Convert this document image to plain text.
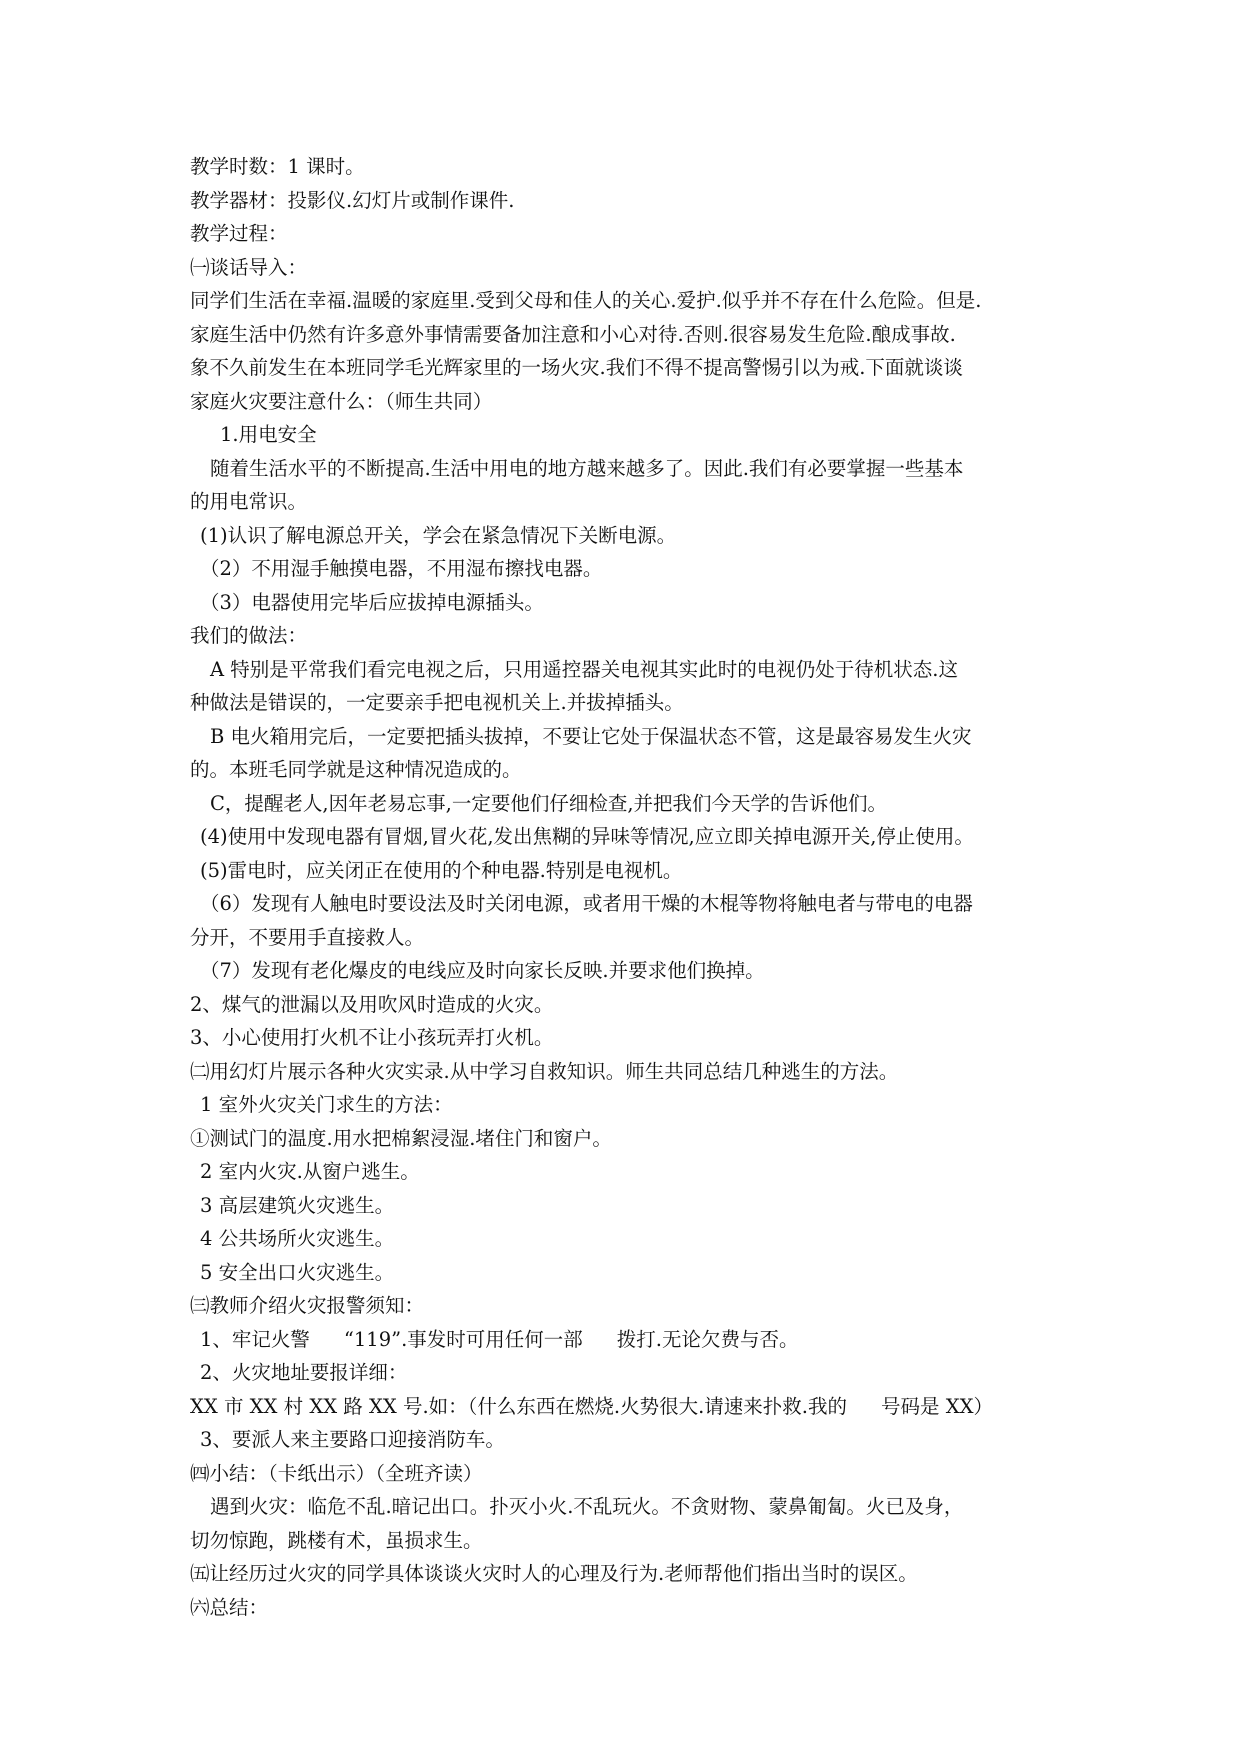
教学时数：1 课时。

教学器材：投影仪.幻灯片或制作课件.

教学过程：

㈠谈话导入：

同学们生活在幸福.温暖的家庭里.受到父母和佳人的关心.爱护.似乎并不存在什么危险。但是.

家庭生活中仍然有许多意外事情需要备加注意和小心对待.否则.很容易发生危险.酿成事故.

象不久前发生在本班同学毛光辉家里的一场火灾.我们不得不提高警惕引以为戒.下面就谈谈

家庭火灾要注意什么：（师生共同）

1.用电安全

随着生活水平的不断提高.生活中用电的地方越来越多了。因此.我们有必要掌握一些基本

的用电常识。

(1)认识了解电源总开关，学会在紧急情况下关断电源。

（2）不用湿手触摸电器，不用湿布擦找电器。

（3）电器使用完毕后应拔掉电源插头。

我们的做法：

A 特别是平常我们看完电视之后，只用遥控器关电视其实此时的电视仍处于待机状态.这

种做法是错误的，一定要亲手把电视机关上.并拔掉插头。

B 电火箱用完后，一定要把插头拔掉，不要让它处于保温状态不管，这是最容易发生火灾

的。本班毛同学就是这种情况造成的。

C，提醒老人,因年老易忘事,一定要他们仔细检查,并把我们今天学的告诉他们。

(4)使用中发现电器有冒烟,冒火花,发出焦糊的异味等情况,应立即关掉电源开关,停止使用。

(5)雷电时，应关闭正在使用的个种电器.特别是电视机。

（6）发现有人触电时要设法及时关闭电源，或者用干燥的木棍等物将触电者与带电的电器

分开，不要用手直接救人。

（7）发现有老化爆皮的电线应及时向家长反映.并要求他们换掉。

2、煤气的泄漏以及用吹风时造成的火灾。

3、小心使用打火机不让小孩玩弄打火机。

㈡用幻灯片展示各种火灾实录.从中学习自救知识。师生共同总结几种逃生的方法。

1 室外火灾关门求生的方法：

①测试门的温度.用水把棉絮浸湿.堵住门和窗户。

2 室内火灾.从窗户逃生。

3 高层建筑火灾逃生。

4 公共场所火灾逃生。

5 安全出口火灾逃生。

㈢教师介绍火灾报警须知：

1、牢记火警 “119”.事发时可用任何一部 拨打.无论欠费与否。

2、火灾地址要报详细：

XX 市 XX 村 XX 路 XX 号.如：（什么东西在燃烧.火势很大.请速来扑救.我的 号码是 XX）

3、要派人来主要路口迎接消防车。

㈣小结：（卡纸出示）（全班齐读）

遇到火灾：临危不乱.暗记出口。扑灭小火.不乱玩火。不贪财物、蒙鼻匍匐。火已及身，

切勿惊跑，跳楼有术，虽损求生。

㈤让经历过火灾的同学具体谈谈火灾时人的心理及行为.老师帮他们指出当时的误区。

㈥总结：
